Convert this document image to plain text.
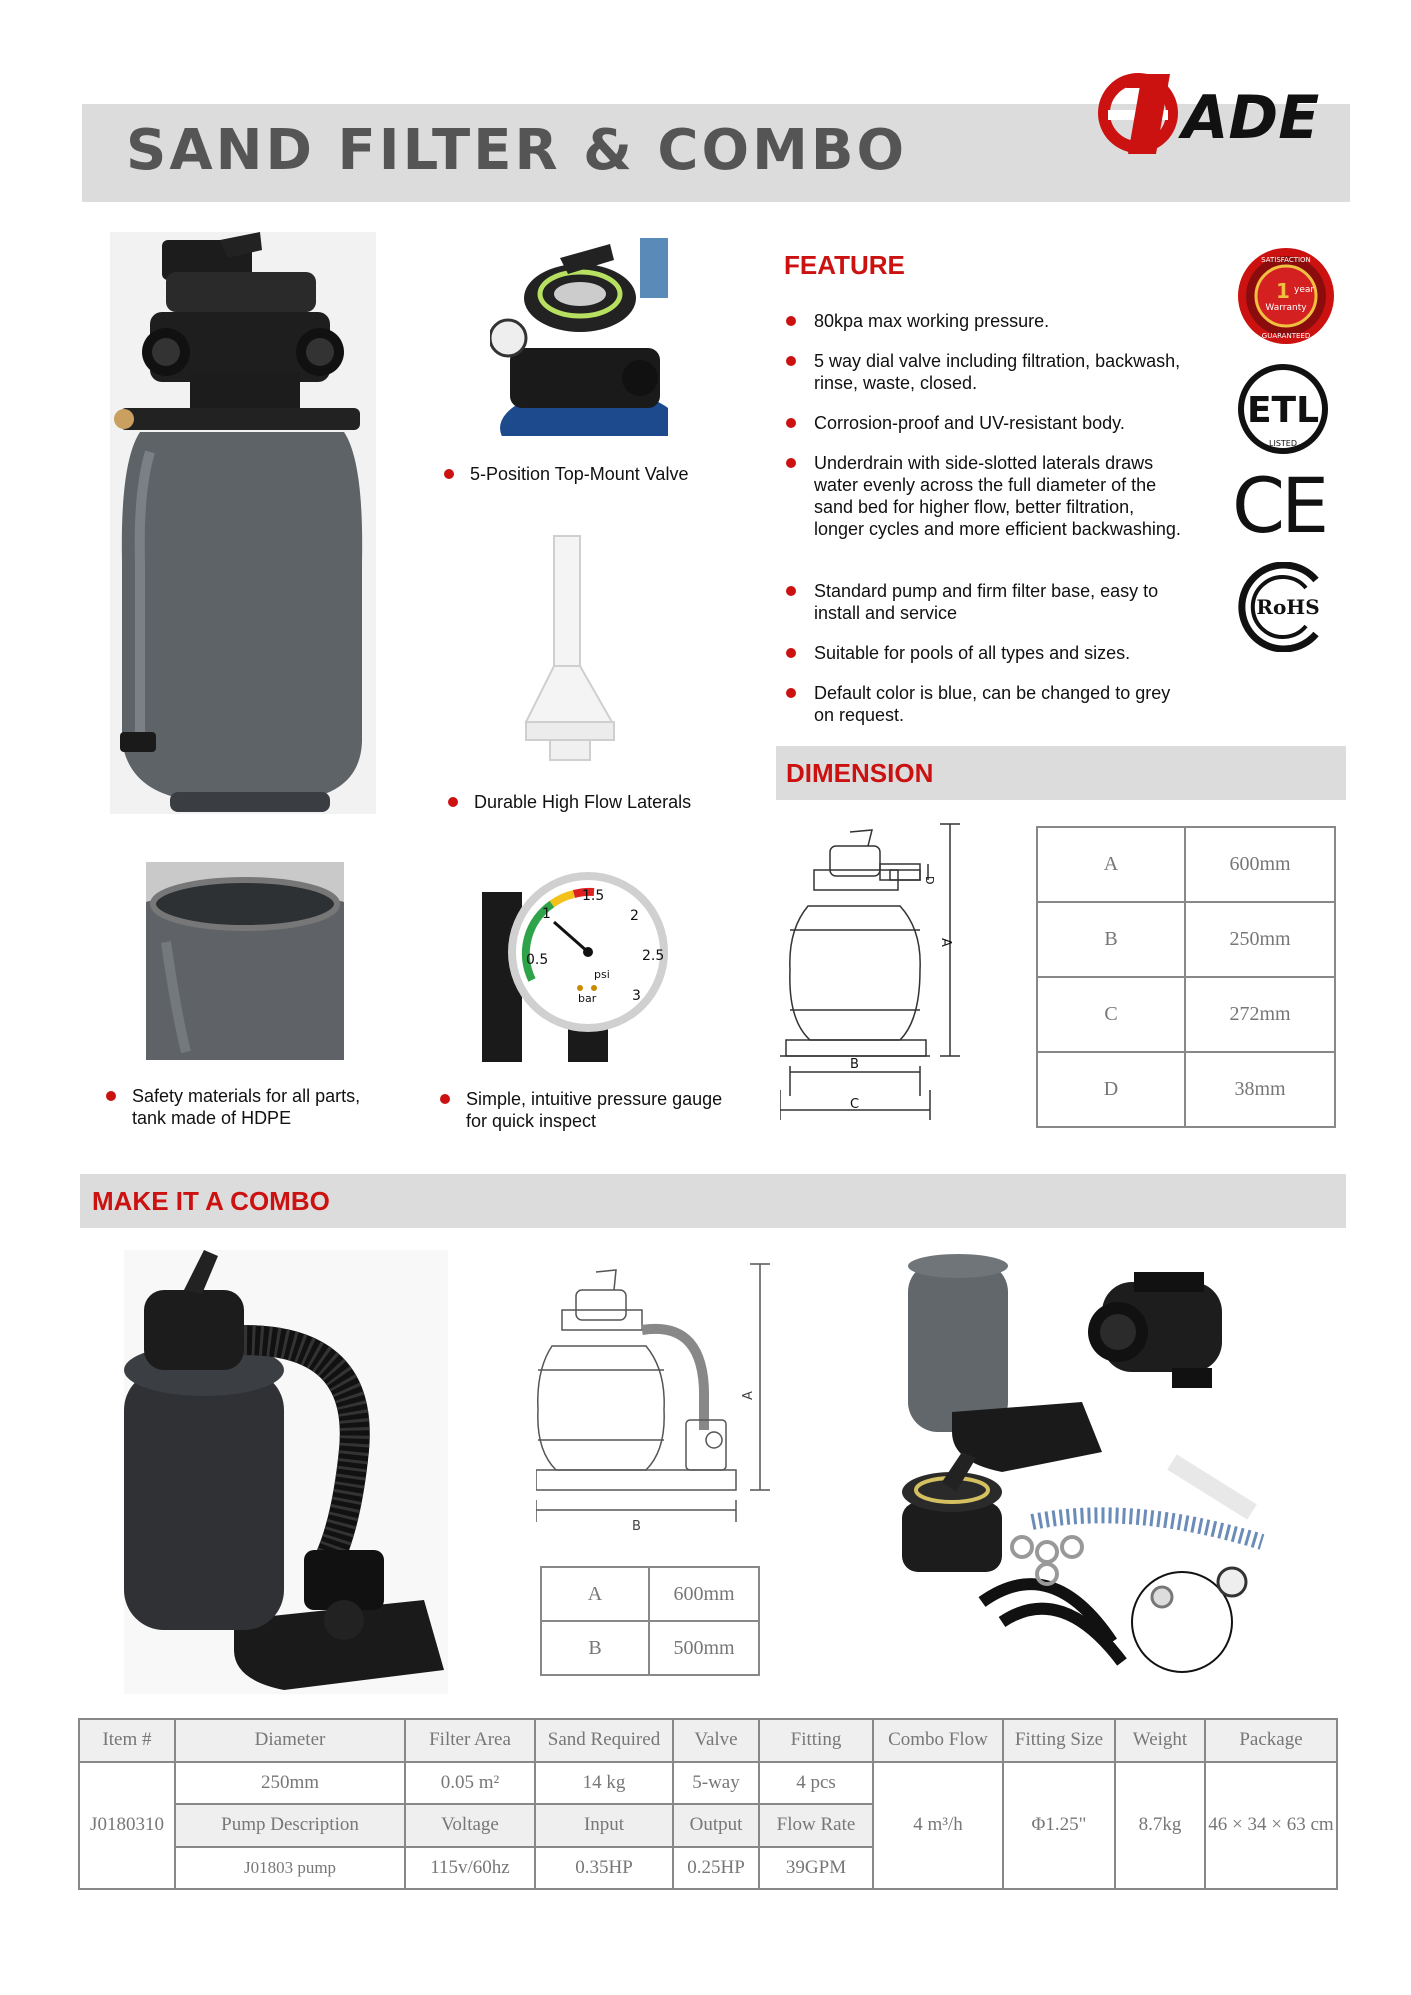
SAND FILTER & COMBO	ADE
5-Position Top-Mount Valve
Durable High Flow Laterals
Safety materials for all parts,
tank made of HDPE
1.5
2
2.5
3
0.5
1
bar
psi
Simple, intuitive pressure gauge
for quick inspect
FEATURE
80kpa max working pressure.
5 way dial valve including filtration, backwash, rinse, waste, closed.
Corrosion-proof and UV-resistant body.
Underdrain with side-slotted laterals draws water evenly across the full diameter of the sand bed for higher flow, better filtration, longer cycles and more efficient backwashing.
Standard pump and firm filter base, easy to install and service
Suitable for pools of all types and sizes.
Default color is blue, can be changed to grey on request.
SATISFACTION
GUARANTEED
1 year
Warranty
ETL
LISTED
CE
RoHS
DIMENSION
A
B
C
D
A	600mm
B	250mm
C	272mm
D	38mm
MAKE IT A COMBO
A
B
A	600mm
B	500mm
Item #	Diameter	Filter Area	Sand Required	Valve	Fitting	Combo Flow	Fitting Size	Weight	Package
J0180310	250mm	0.05 m²	14 kg	5-way	4 pcs	4 m³/h	Φ1.25"	8.7kg	46 × 34 × 63 cm
	Pump Description	Voltage	Input	Output	Flow Rate				
	J01803 pump	115v/60hz	0.35HP	0.25HP	39GPM				
